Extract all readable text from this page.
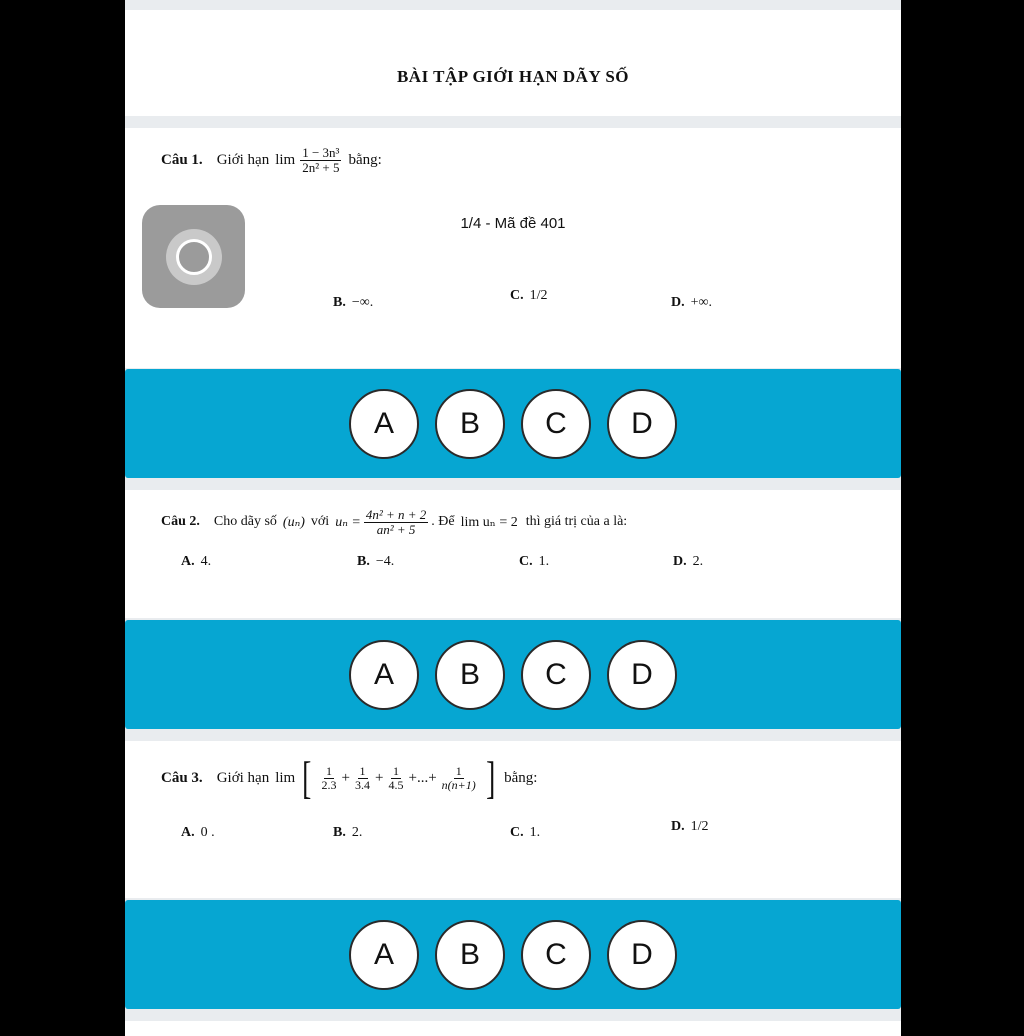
BÀI TẬP GIỚI HẠN DÃY SỐ
Câu 1. Giới hạn $\lim \frac{\text{1 − 3n³}}{\text{2n² + 5}}$ bằng:
1/4 - Mã đề 401
B. −∞.	C. 1/2	D. +∞.
A	B	C	D
Câu 2. Cho dãy số (uₙ) với $u_n = \frac{\text{4n² + n + 2}}{\text{an² + 5}}$ . Để lim uₙ = 2 thì giá trị của a là:
A. 4.	B. −4.	C. 1.	D. 2.
A	B	C	D
Câu 3. Giới hạn lim [ $\frac{1}{2.3} + \frac{1}{3.4} + \frac{1}{4.5}$ +...+ $\frac{1}{n(n+1)}$ ] bằng:
A. 0 .	B. 2.	C. 1.	D. 1/2
A	B	C	D
